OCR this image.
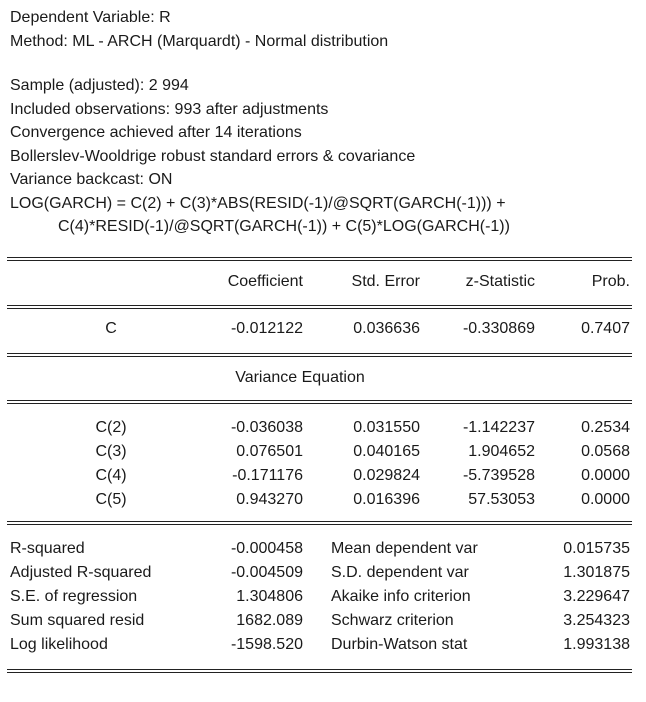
Dependent Variable: R
Method: ML - ARCH (Marquardt) - Normal distribution
Sample (adjusted): 2 994
Included observations: 993 after adjustments
Convergence achieved after 14 iterations
Bollerslev-Wooldrige robust standard errors & covariance
Variance backcast: ON
LOG(GARCH) = C(2) + C(3)*ABS(RESID(-1)/@SQRT(GARCH(-1))) +
C(4)*RESID(-1)/@SQRT(GARCH(-1)) + C(5)*LOG(GARCH(-1))
Coefficient	Std. Error	z-Statistic	Prob.
C	-0.012122	0.036636	-0.330869	0.7407
Variance Equation
C(2)	-0.036038	0.031550	-1.142237	0.2534
C(3)	0.076501	0.040165	1.904652	0.0568
C(4)	-0.171176	0.029824	-5.739528	0.0000
C(5)	0.943270	0.016396	57.53053	0.0000
R-squared	-0.000458 Mean dependent var	0.015735
Adjusted R-squared	-0.004509 S.D. dependent var	1.301875
S.E. of regression	1.304806 Akaike info criterion	3.229647
Sum squared resid	1682.089 Schwarz criterion	3.254323
Log likelihood	-1598.520 Durbin-Watson stat	1.993138
